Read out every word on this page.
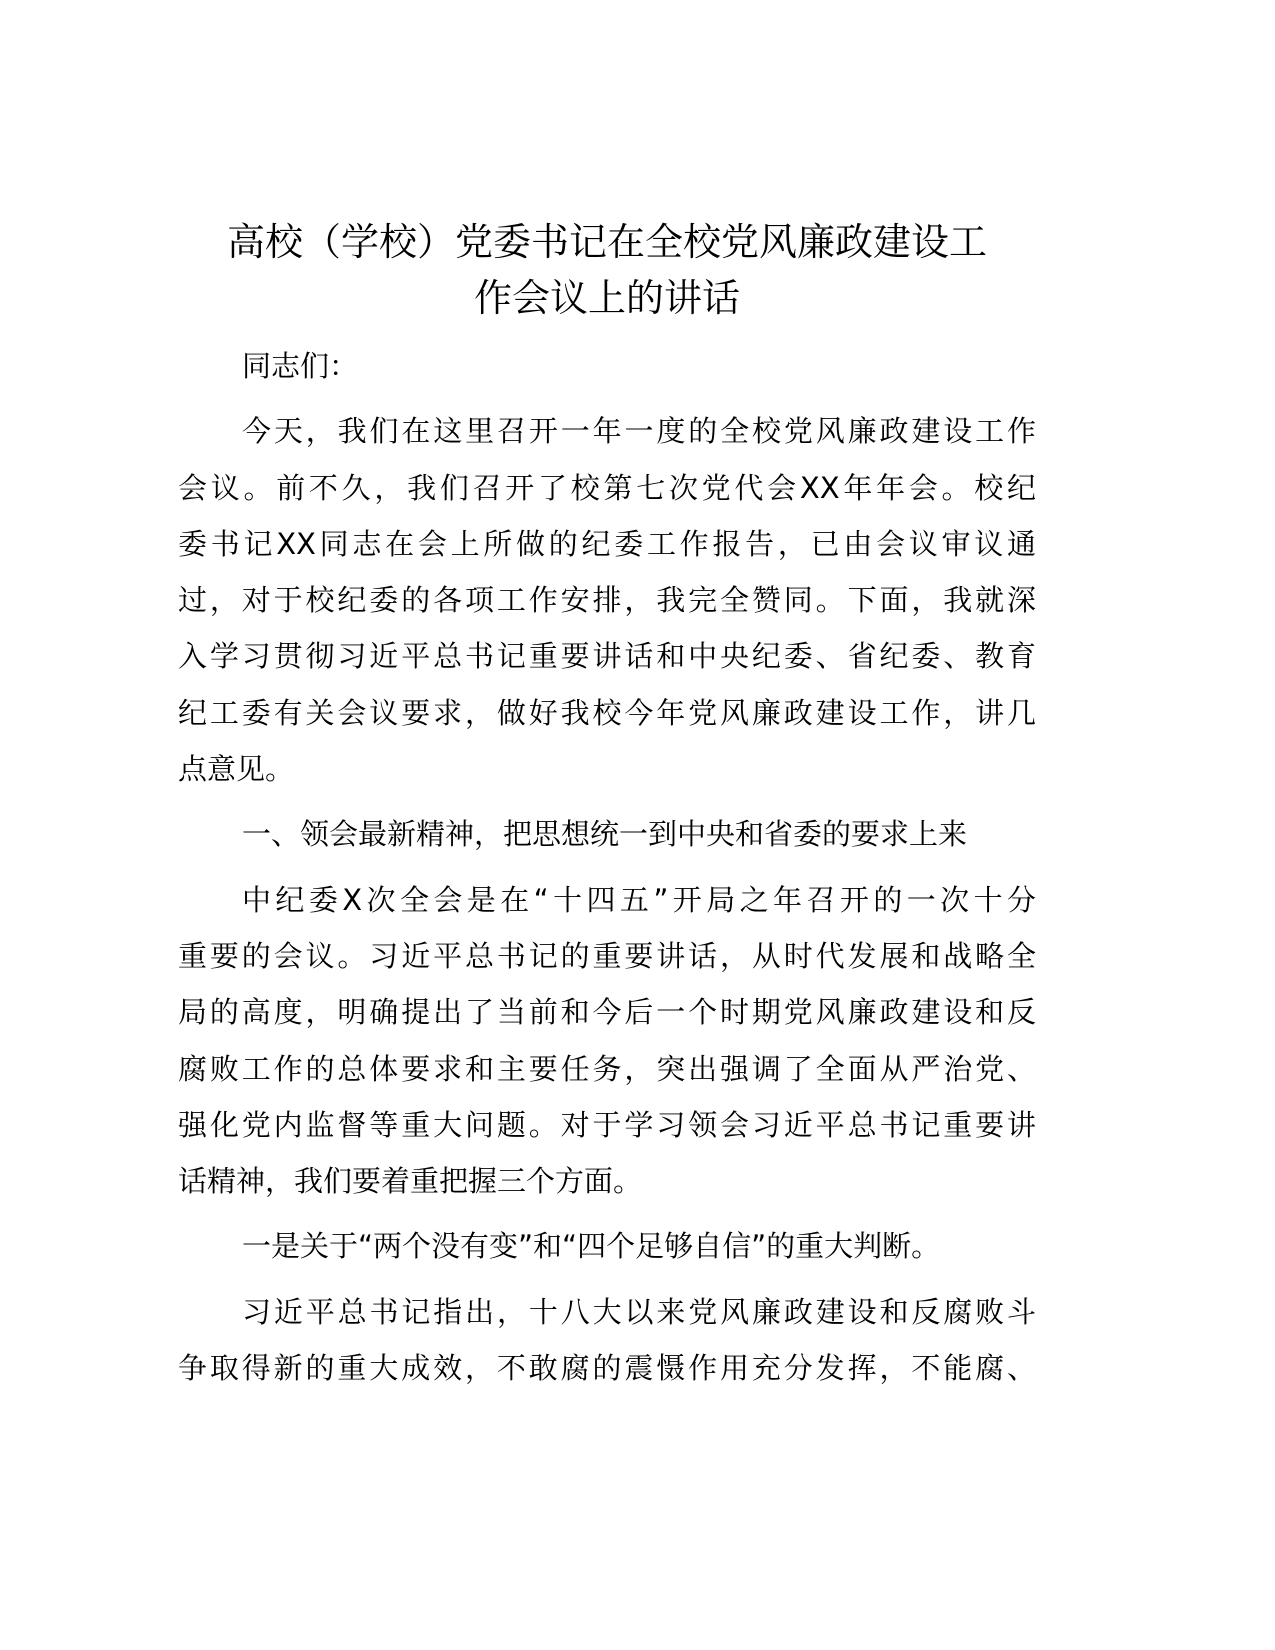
高校（学校）党委书记在全校党风廉政建设工
作会议上的讲话
同志们：
今天，我们在这里召开一年一度的全校党风廉政建设工作
会议。前不久，我们召开了校第七次党代会XX年年会。校纪
委书记XX同志在会上所做的纪委工作报告，已由会议审议通
过，对于校纪委的各项工作安排，我完全赞同。下面，我就深
入学习贯彻习近平总书记重要讲话和中央纪委、省纪委、教育
纪工委有关会议要求，做好我校今年党风廉政建设工作，讲几
点意见。
一、领会最新精神，把思想统一到中央和省委的要求上来
中纪委X次全会是在“十四五”开局之年召开的一次十分
重要的会议。习近平总书记的重要讲话，从时代发展和战略全
局的高度，明确提出了当前和今后一个时期党风廉政建设和反
腐败工作的总体要求和主要任务，突出强调了全面从严治党、
强化党内监督等重大问题。对于学习领会习近平总书记重要讲
话精神，我们要着重把握三个方面。
一是关于“两个没有变”和“四个足够自信”的重大判断。
习近平总书记指出，十八大以来党风廉政建设和反腐败斗
争取得新的重大成效，不敢腐的震慑作用充分发挥，不能腐、
